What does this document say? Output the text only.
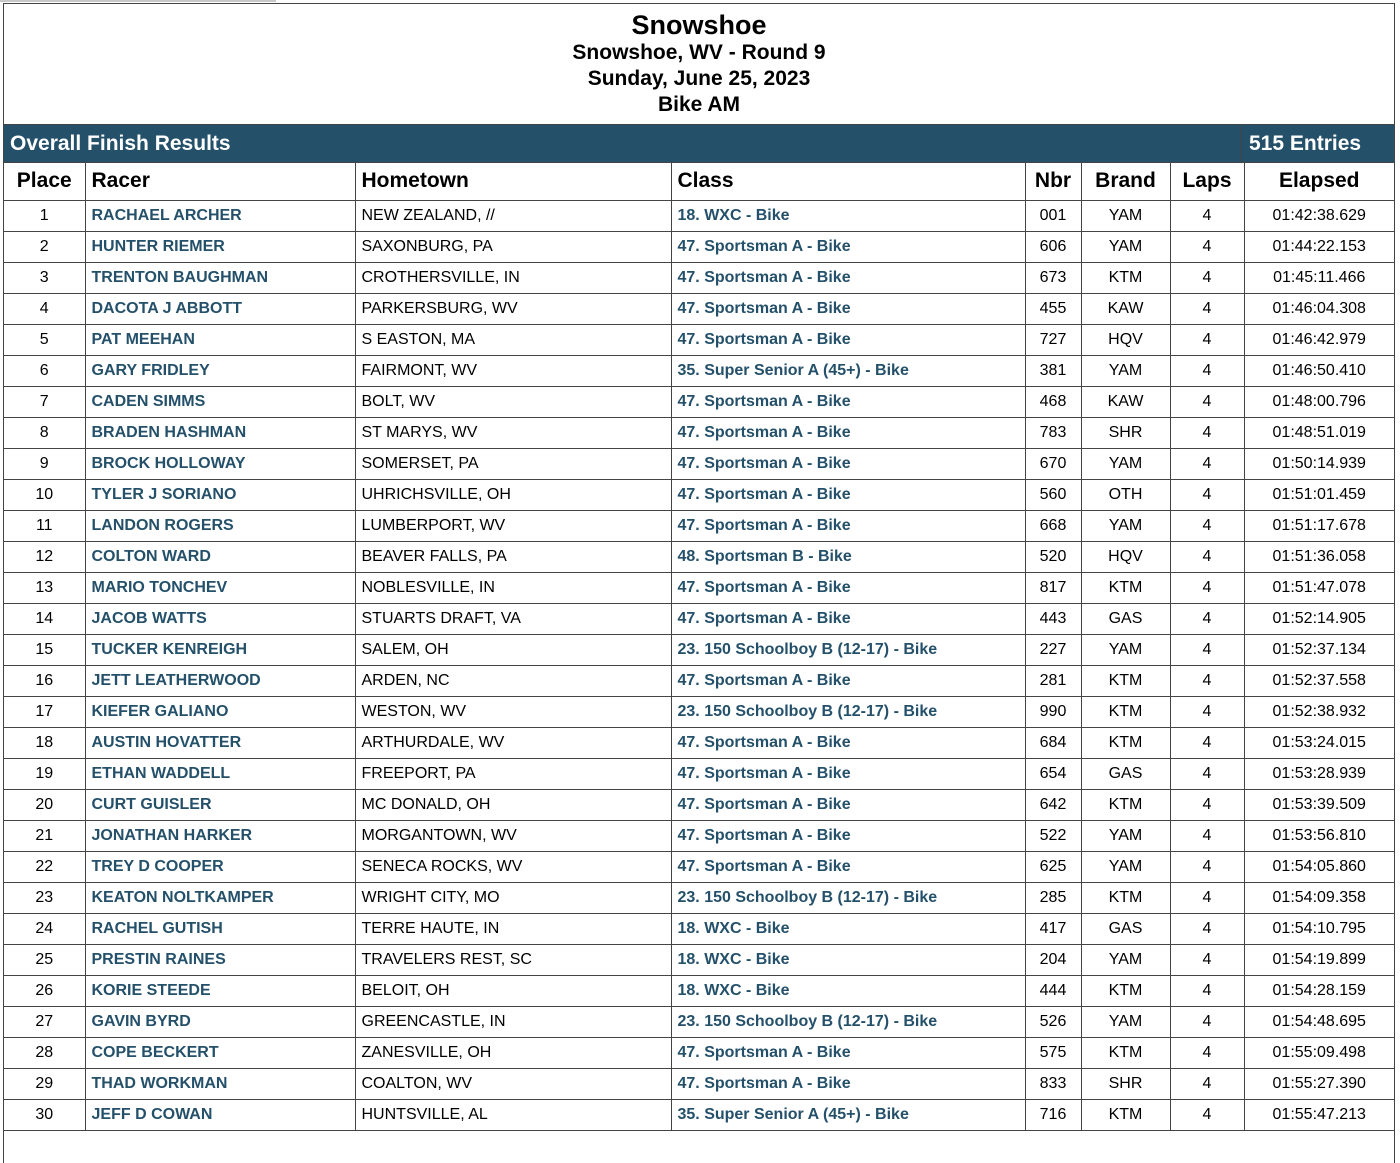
Snowshoe
Snowshoe, WV - Round 9
Sunday, June 25, 2023
Bike AM
Overall Finish Results	515 Entries
Place	Racer	Hometown	Class	Nbr	Brand	Laps	Elapsed
1	RACHAEL ARCHER	NEW ZEALAND, //	18. WXC - Bike	001	YAM	4	01:42:38.629
2	HUNTER RIEMER	SAXONBURG, PA	47. Sportsman A - Bike	606	YAM	4	01:44:22.153
3	TRENTON BAUGHMAN	CROTHERSVILLE, IN	47. Sportsman A - Bike	673	KTM	4	01:45:11.466
4	DACOTA J ABBOTT	PARKERSBURG, WV	47. Sportsman A - Bike	455	KAW	4	01:46:04.308
5	PAT MEEHAN	S EASTON, MA	47. Sportsman A - Bike	727	HQV	4	01:46:42.979
6	GARY FRIDLEY	FAIRMONT, WV	35. Super Senior A (45+) - Bike	381	YAM	4	01:46:50.410
7	CADEN SIMMS	BOLT, WV	47. Sportsman A - Bike	468	KAW	4	01:48:00.796
8	BRADEN HASHMAN	ST MARYS, WV	47. Sportsman A - Bike	783	SHR	4	01:48:51.019
9	BROCK HOLLOWAY	SOMERSET, PA	47. Sportsman A - Bike	670	YAM	4	01:50:14.939
10	TYLER J SORIANO	UHRICHSVILLE, OH	47. Sportsman A - Bike	560	OTH	4	01:51:01.459
11	LANDON ROGERS	LUMBERPORT, WV	47. Sportsman A - Bike	668	YAM	4	01:51:17.678
12	COLTON WARD	BEAVER FALLS, PA	48. Sportsman B - Bike	520	HQV	4	01:51:36.058
13	MARIO TONCHEV	NOBLESVILLE, IN	47. Sportsman A - Bike	817	KTM	4	01:51:47.078
14	JACOB WATTS	STUARTS DRAFT, VA	47. Sportsman A - Bike	443	GAS	4	01:52:14.905
15	TUCKER KENREIGH	SALEM, OH	23. 150 Schoolboy B (12-17) - Bike	227	YAM	4	01:52:37.134
16	JETT LEATHERWOOD	ARDEN, NC	47. Sportsman A - Bike	281	KTM	4	01:52:37.558
17	KIEFER GALIANO	WESTON, WV	23. 150 Schoolboy B (12-17) - Bike	990	KTM	4	01:52:38.932
18	AUSTIN HOVATTER	ARTHURDALE, WV	47. Sportsman A - Bike	684	KTM	4	01:53:24.015
19	ETHAN WADDELL	FREEPORT, PA	47. Sportsman A - Bike	654	GAS	4	01:53:28.939
20	CURT GUISLER	MC DONALD, OH	47. Sportsman A - Bike	642	KTM	4	01:53:39.509
21	JONATHAN HARKER	MORGANTOWN, WV	47. Sportsman A - Bike	522	YAM	4	01:53:56.810
22	TREY D COOPER	SENECA ROCKS, WV	47. Sportsman A - Bike	625	YAM	4	01:54:05.860
23	KEATON NOLTKAMPER	WRIGHT CITY, MO	23. 150 Schoolboy B (12-17) - Bike	285	KTM	4	01:54:09.358
24	RACHEL GUTISH	TERRE HAUTE, IN	18. WXC - Bike	417	GAS	4	01:54:10.795
25	PRESTIN RAINES	TRAVELERS REST, SC	18. WXC - Bike	204	YAM	4	01:54:19.899
26	KORIE STEEDE	BELOIT, OH	18. WXC - Bike	444	KTM	4	01:54:28.159
27	GAVIN BYRD	GREENCASTLE, IN	23. 150 Schoolboy B (12-17) - Bike	526	YAM	4	01:54:48.695
28	COPE BECKERT	ZANESVILLE, OH	47. Sportsman A - Bike	575	KTM	4	01:55:09.498
29	THAD WORKMAN	COALTON, WV	47. Sportsman A - Bike	833	SHR	4	01:55:27.390
30	JEFF D COWAN	HUNTSVILLE, AL	35. Super Senior A (45+) - Bike	716	KTM	4	01:55:47.213
